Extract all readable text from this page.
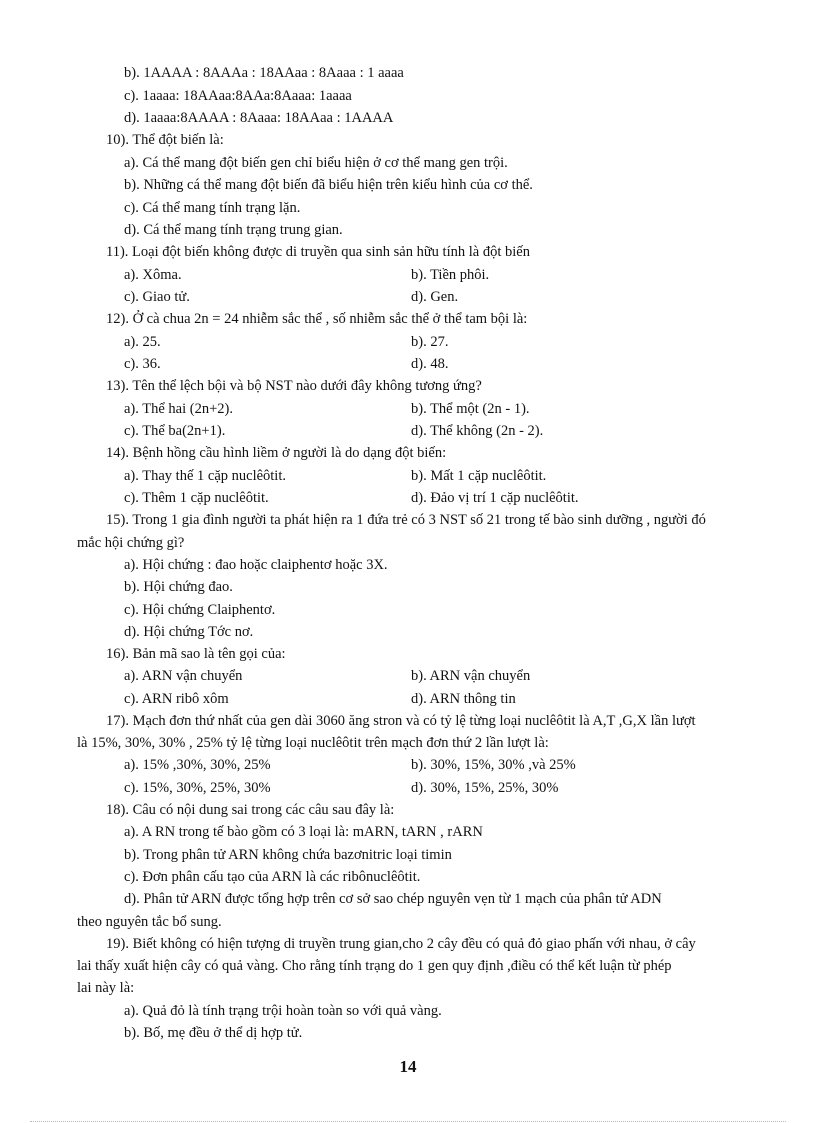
b). 1AAAA : 8AAAa : 18AAaa : 8Aaaa : 1 aaaa
c). 1aaaa: 18AAaa:8AAa:8Aaaa: 1aaaa
d). 1aaaa:8AAAA : 8Aaaa: 18AAaa : 1AAAA
10). Thể đột biến là:
a). Cá thể mang đột biến gen chỉ biểu hiện ở cơ thể mang gen trội.
b). Những cá thể mang đột biến đã biểu hiện trên kiểu hình của cơ thể.
c). Cá thể mang tính trạng lặn.
d). Cá thể mang tính trạng trung gian.
11). Loại đột biến không được di truyền qua sinh sản hữu tính là đột biến
a). Xôma.	b). Tiền phôi.
c). Giao tử.	d). Gen.
12). Ở cà chua 2n = 24 nhiễm sắc thể , số nhiễm sắc thể ở thể tam bội là:
a). 25.	b). 27.
c). 36.	d). 48.
13). Tên thể lệch bội và bộ NST nào dưới đây không tương ứng?
a). Thể hai (2n+2).	b). Thể một (2n - 1).
c). Thể ba(2n+1).	d). Thể không (2n - 2).
14). Bệnh hồng cầu hình liềm ở người là do dạng đột biến:
a). Thay thế 1 cặp nuclêôtit.	b). Mất 1 cặp nuclêôtit.
c). Thêm 1 cặp nuclêôtit.	d). Đảo vị trí 1 cặp nuclêôtit.
15). Trong 1 gia đình người ta phát hiện ra 1 đứa trẻ có 3 NST số 21 trong tế bào sinh dưỡng , người đó
mắc hội chứng gì?
a). Hội chứng : đao hoặc claiphentơ hoặc 3X.
b). Hội chứng đao.
c). Hội chứng Claiphentơ.
d). Hội chứng Tớc nơ.
16). Bản mã sao là tên gọi của:
a). ARN vận chuyển	b). ARN vận chuyển
c). ARN ribô xôm	d). ARN thông tin
17). Mạch đơn thứ nhất của gen dài 3060 ăng stron và có tỷ lệ từng loại nuclêôtit là A,T ,G,X lần lượt
là 15%, 30%, 30% , 25% tỷ lệ từng loại nuclêôtit trên mạch đơn thứ 2 lần lượt là:
a). 15% ,30%, 30%, 25%	b). 30%, 15%, 30% ,và 25%
c). 15%, 30%, 25%, 30%	d). 30%, 15%, 25%, 30%
18). Câu có nội dung sai trong các câu sau đây là:
a). A RN trong tế bào gồm có 3 loại là: mARN, tARN , rARN
b). Trong phân tử ARN không chứa bazơnitric loại timin
c). Đơn phân cấu tạo của ARN là các ribônuclêôtit.
d). Phân tử ARN được tổng hợp trên cơ sở sao chép nguyên vẹn từ 1 mạch của phân tử ADN
theo nguyên tắc bổ sung.
19). Biết không có hiện tượng di truyền trung gian,cho 2 cây đều có quả đỏ giao phấn với nhau, ở cây
lai thấy xuất hiện cây có quả vàng. Cho rằng tính trạng do 1 gen quy định ,điều có thể kết luận từ phép
lai này là:
a). Quả đỏ là tính trạng trội hoàn toàn so với quả vàng.
b). Bố, mẹ đều ở thể dị hợp tử.
14
